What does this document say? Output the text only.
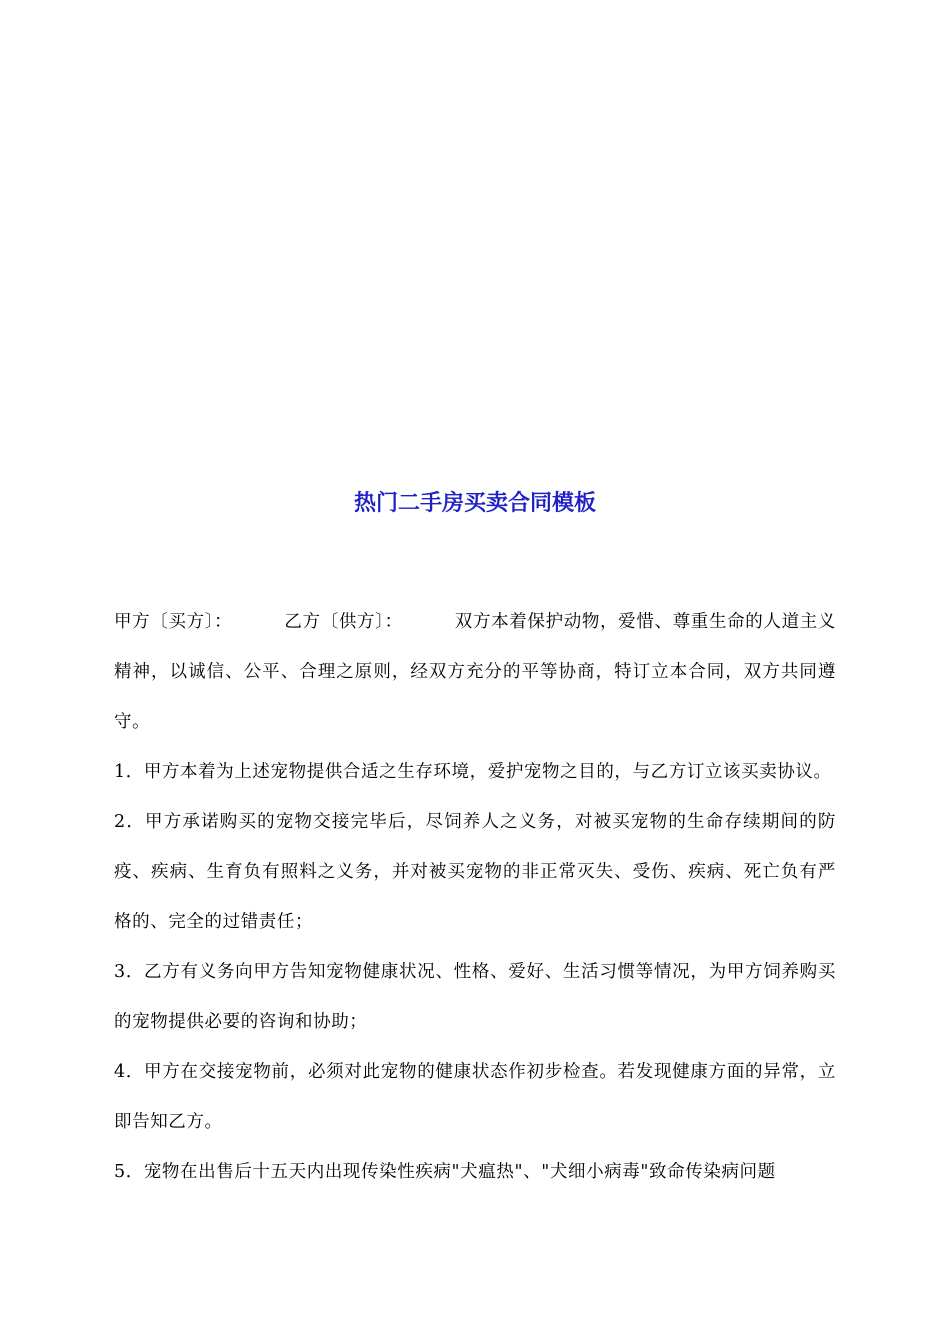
热门二手房买卖合同模板

甲方〔买方〕：	乙方〔供方〕：	双方本着保护动物，爱惜、尊重生命的人道主义精神，以诚信、公平、合理之原则，经双方充分的平等协商，特订立本合同，双方共同遵守。

1．甲方本着为上述宠物提供合适之生存环境，爱护宠物之目的，与乙方订立该买卖协议。

2．甲方承诺购买的宠物交接完毕后，尽饲养人之义务，对被买宠物的生命存续期间的防疫、疾病、生育负有照料之义务，并对被买宠物的非正常灭失、受伤、疾病、死亡负有严格的、完全的过错责任；

3．乙方有义务向甲方告知宠物健康状况、性格、爱好、生活习惯等情况，为甲方饲养购买的宠物提供必要的咨询和协助；

4．甲方在交接宠物前，必须对此宠物的健康状态作初步检查。若发现健康方面的异常，立即告知乙方。

5．宠物在出售后十五天内出现传染性疾病"犬瘟热"、"犬细小病毒"致命传染病问题
